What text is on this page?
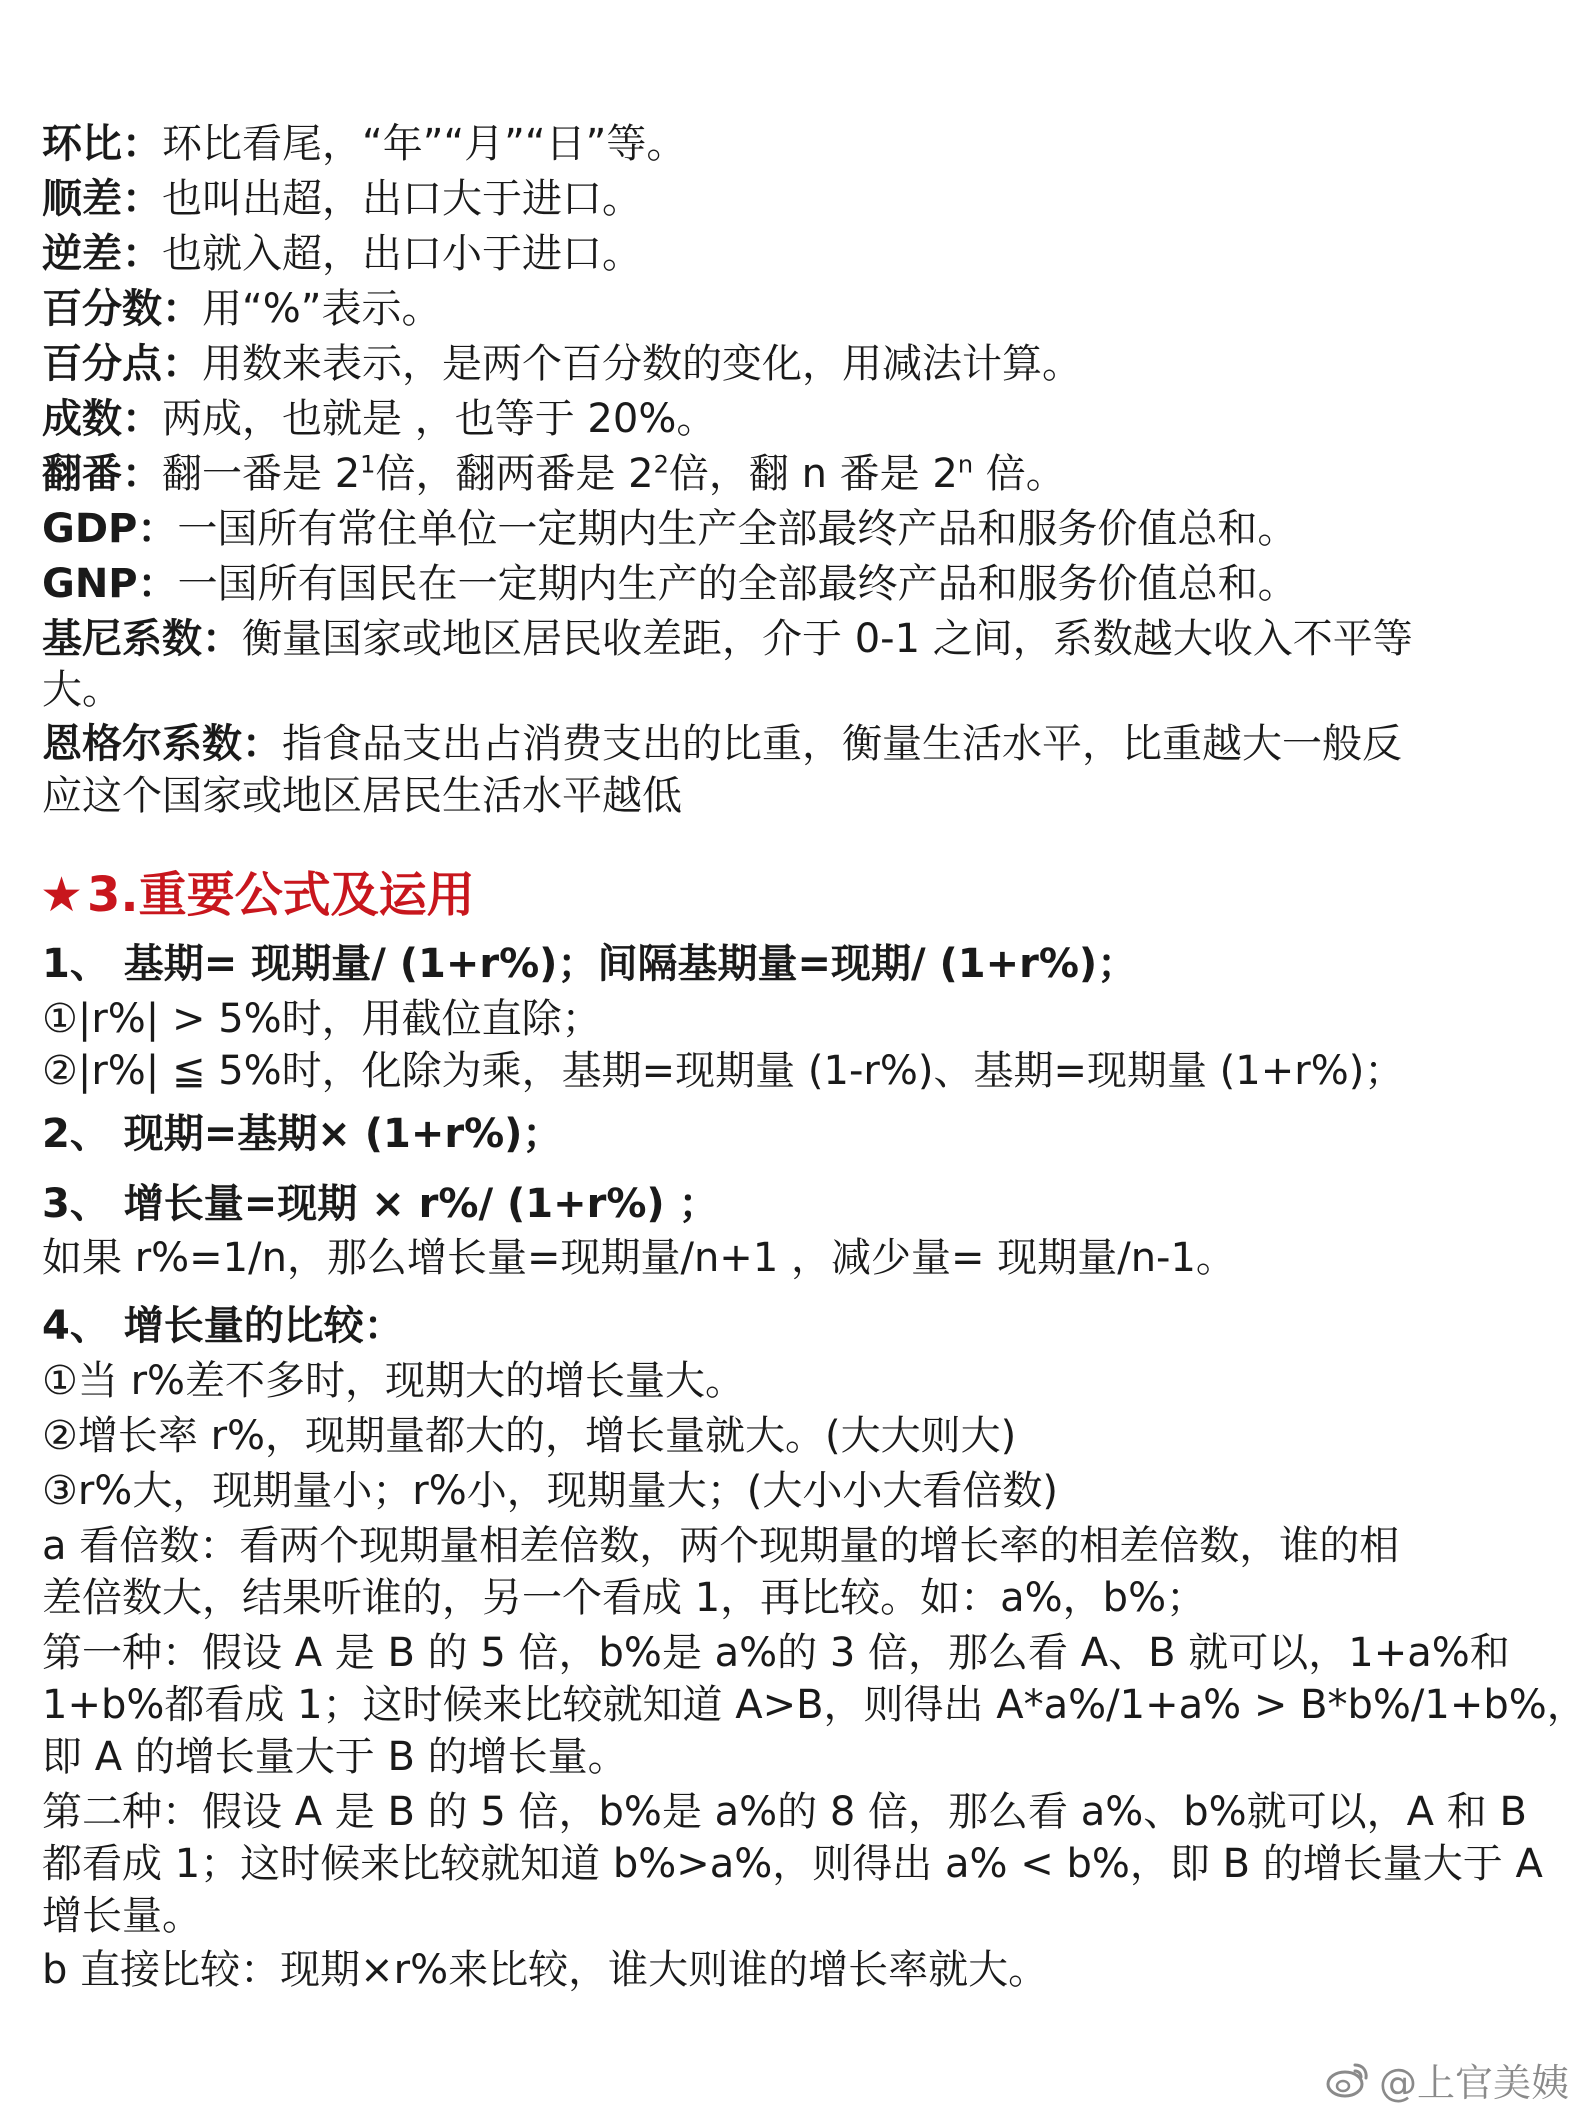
环比：环比看尾，“年”“月”“日”等。
顺差：也叫出超，出口大于进口。
逆差：也就入超，出口小于进口。
百分数：用“%”表示。
百分点：用数来表示，是两个百分数的变化，用减法计算。
成数：两成，也就是 ，也等于 20%。
翻番：翻一番是 $2^1$倍，翻两番是 $2^2$倍，翻 n 番是 2$^n$ 倍。
GDP：一国所有常住单位一定期内生产全部最终产品和服务价值总和。
GNP：一国所有国民在一定期内生产的全部最终产品和服务价值总和。
基尼系数：衡量国家或地区居民收差距，介于 0-1 之间，系数越大收入不平等
大。
恩格尔系数：指食品支出占消费支出的比重，衡量生活水平，比重越大一般反
应这个国家或地区居民生活水平越低
★3.重要公式及运用
1、 基期= 现期量/ (1+r%)；间隔基期量=现期/ (1+r%)；
①|r%| > 5%时，用截位直除；
②|r%| ≦ 5%时，化除为乘，基期=现期量 (1-r%)、基期=现期量 (1+r%)；
2、 现期=基期× (1+r%)；
3、 增长量=现期 × r%/ (1+r%) ；
如果 r%=1/n，那么增长量=现期量/n+1 ，减少量= 现期量/n-1。
4、 增长量的比较：
①当 r%差不多时，现期大的增长量大。
②增长率 r%，现期量都大的，增长量就大。(大大则大)
③r%大，现期量小；r%小，现期量大；(大小小大看倍数)
a 看倍数：看两个现期量相差倍数，两个现期量的增长率的相差倍数，谁的相
差倍数大，结果听谁的，另一个看成 1，再比较。如：a%，b%；
第一种：假设 A 是 B 的 5 倍，b%是 a%的 3 倍，那么看 A、B 就可以，1+a%和
1+b%都看成 1；这时候来比较就知道 A>B，则得出 A*a%/1+a% > B*b%/1+b%，
即 A 的增长量大于 B 的增长量。
第二种：假设 A 是 B 的 5 倍，b%是 a%的 8 倍，那么看 a%、b%就可以，A 和 B
都看成 1；这时候来比较就知道 b%>a%，则得出 a% < b%，即 B 的增长量大于 A
增长量。
b 直接比较：现期×r%来比较，谁大则谁的增长率就大。
@上官美姨
